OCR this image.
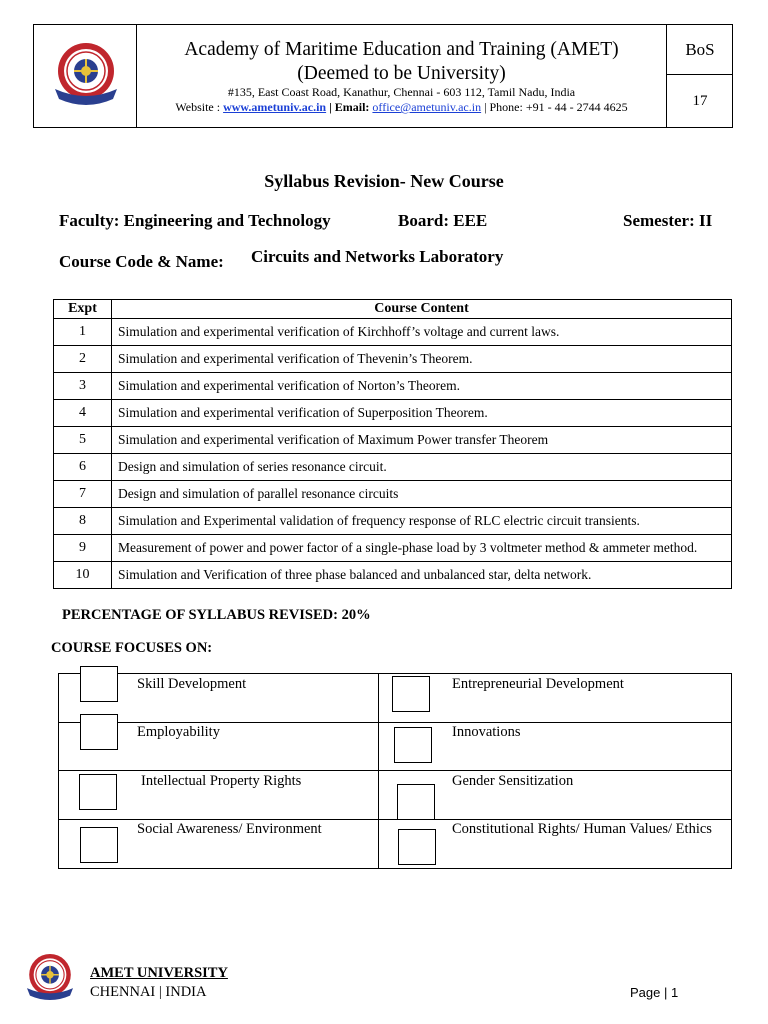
Academy of Maritime Education and Training (AMET)
(Deemed to be University)
#135, East Coast Road, Kanathur, Chennai - 603 112, Tamil Nadu, India
Website : www.ametuniv.ac.in | Email: office@ametuniv.ac.in | Phone: +91 - 44 - 2744 4625
BoS
17
Syllabus Revision- New Course
Faculty: Engineering and Technology	Board: EEE	Semester: II
Course Code & Name: Circuits and Networks Laboratory
Expt	Course Content
1	Simulation and experimental verification of Kirchhoff’s voltage and current laws.
2	Simulation and experimental verification of Thevenin’s Theorem.
3	Simulation and experimental verification of Norton’s Theorem.
4	Simulation and experimental verification of Superposition Theorem.
5	Simulation and experimental verification of Maximum Power transfer Theorem
6	Design and simulation of series resonance circuit.
7	Design and simulation of parallel resonance circuits
8	Simulation and Experimental validation of frequency response of RLC electric circuit transients.
9	Measurement of power and power factor of a single-phase load by 3 voltmeter method & ammeter method.
10	Simulation and Verification of three phase balanced and unbalanced star, delta network.
PERCENTAGE OF SYLLABUS REVISED: 20%
COURSE FOCUSES ON:
Skill Development	Entrepreneurial Development
Employability	Innovations
Intellectual Property Rights	Gender Sensitization
Social Awareness/ Environment	Constitutional Rights/ Human Values/ Ethics
AMET UNIVERSITY
CHENNAI | INDIA	Page | 1
